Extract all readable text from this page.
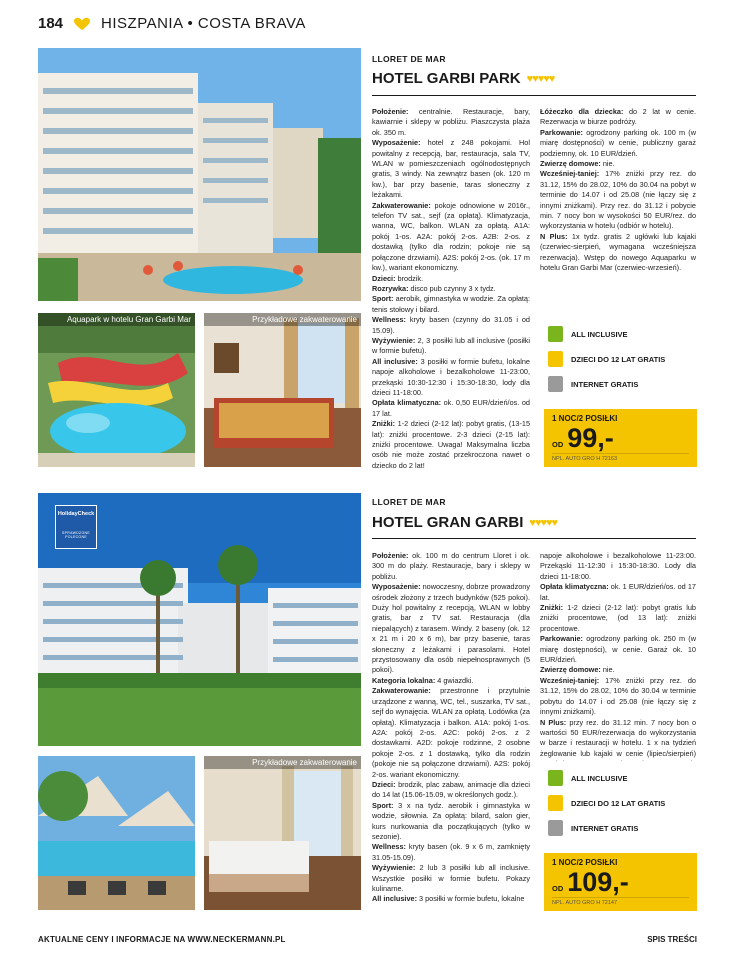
184	HISZPANIA • COSTA BRAVA
Aquapark w hotelu Gran Garbi Mar	Przykładowe zakwaterowanie
LLORET DE MAR
HOTEL GARBI PARK ♥♥♥♥♥

Położenie: centralnie. Restauracje, bary, kawiarnie i sklepy w pobliżu. Piaszczysta plaża ok. 350 m.

Wyposażenie: hotel z 248 pokojami. Hol powitalny z recepcją, bar, restauracja, sala TV, WLAN w pomieszczeniach ogólnodostępnych gratis, 3 windy. Na zewnątrz basen (ok. 120 m kw.), bar przy basenie, taras słoneczny z leżakami.

Zakwaterowanie: pokoje odnowione w 2016r., telefon TV sat., sejf (za opłatą). Klimatyzacja, wanna, WC, balkon. WLAN za opłatą. A1A: pokój 1-os. A2A: pokój 2-os. A2B: 2-os. z dostawką (tylko dla rodzin; pokoje nie są połączone drzwiami). A2S: pokój 2-os. (ok. 17 m kw.), wariant ekonomiczny.

Dzieci: brodzik.

Rozrywka: disco pub czynny 3 x tydz.

Sport: aerobik, gimnastyka w wodzie. Za opłatą: tenis stołowy i bilard.

Wellness: kryty basen (czynny do 31.05 i od 15.09).

Wyżywienie: 2, 3 posiłki lub all inclusive (posiłki w formie bufetu).

All inclusive: 3 posiłki w formie bufetu, lokalne napoje alkoholowe i bezalkoholowe 11-23:00, przekąski 10:30-12:30 i 15:30-18:30, lody dla dzieci 11-18:00.

Opłata klimatyczna: ok. 0,50 EUR/dzień/os. od 17 lat.

Zniżki: 1-2 dzieci (2-12 lat): pobyt gratis, (13-15 lat): zniżki procentowe. 2-3 dzieci (2-15 lat): zniżki procentowe. Uwaga! Maksymalna liczba osób nie może zostać przekroczona nawet o dziecko do 2 lat!

Łóżeczko dla dziecka: do 2 lat w cenie. Rezerwacja w biurze podróży.

Parkowanie: ogrodzony parking ok. 100 m (w miarę dostępności) w cenie, publiczny garaż podziemny, ok. 10 EUR/dzień.

Zwierzę domowe: nie.

Wcześniej-taniej: 17% zniżki przy rez. do 31.12, 15% do 28.02, 10% do 30.04 na pobyt w terminie do 14.07 i od 25.08 (nie łączy się z innymi zniżkami). Przy rez. do 31.12 i pobycie min. 7 nocy bon w wysokości 50 EUR/rez. do wykorzystania w hotelu (odbiór w hotelu).

N Plus: 1x tydz. gratis 2 ugłówki lub kajaki (czerwiec-sierpień, wymagana wcześniejsza rezerwacja). Wstęp do nowego Aquaparku w hotelu Gran Garbi Mar (czerwiec-wrzesień).

ALL INCLUSIVE
DZIECI DO 12 LAT GRATIS
INTERNET GRATIS
1 NOC/2 POSIŁKI
OD 99,-
NPL. AUTO GRO H 72163
HolidayCheck
SPRAWDZONE POLECONE
Przykładowe zakwaterowanie
LLORET DE MAR
HOTEL GRAN GARBI ♥♥♥♥♥

Położenie: ok. 100 m do centrum Lloret i ok. 300 m do plaży. Restauracje, bary i sklepy w pobliżu.

Wyposażenie: nowoczesny, dobrze prowadzony ośrodek złożony z trzech budynków (525 pokoi). Duży hol powitalny z recepcją, WLAN w lobby gratis, bar z TV sat. Restauracja (dla niepalących) z tarasem. Windy. 2 baseny (ok. 12 x 21 m i 20 x 6 m), bar przy basenie, taras słoneczny z leżakami i parasolami. Hotel przystosowany dla osób niepełnosprawnych (5 pokoi).

Kategoria lokalna: 4 gwiazdki.

Zakwaterowanie: przestronne i przytulnie urządzone z wanną, WC, tel., suszarka, TV sat., sejf do wynajęcia. WLAN za opłatą. Lodówka (za opłatą). Klimatyzacja i balkon. A1A: pokój 1-os. A2A: pokój 2-os. A2C: pokój 2-os. z 2 dostawkami. A2D: pokoje rodzinne, 2 osobne pokoje 2-os. z 1 dostawką, tylko dla rodzin (pokoje nie są połączone drzwiami). A2S: pokój 2-os. wariant ekonomiczny.

Dzieci: brodzik, plac zabaw, animacje dla dzieci do 14 lat (15.06-15.09, w określonych godz.).

Sport: 3 x na tydz. aerobik i gimnastyka w wodzie, siłownia. Za opłatą: bilard, salon gier, kurs nurkowania dla początkujących (tylko w sezonie).

Wellness: kryty basen (ok. 9 x 6 m, zamknięty 31.05-15.09).

Wyżywienie: 2 lub 3 posiłki lub all inclusive. Wszystkie posiłki w formie bufetu. Pokazy kulinarne.

All inclusive: 3 posiłki w formie bufetu, lokalne

napoje alkoholowe i bezalkoholowe 11-23:00. Przekąski 11-12:30 i 15:30-18:30. Lody dla dzieci 11-18:00.

Opłata klimatyczna: ok. 1 EUR/dzień/os. od 17 lat.

Zniżki: 1-2 dzieci (2-12 lat): pobyt gratis lub zniżki procentowe, (od 13 lat): zniżki procentowe.

Parkowanie: ogrodzony parking ok. 250 m (w miarę dostępności), w cenie. Garaż ok. 10 EUR/dzień.

Zwierzę domowe: nie.

Wcześniej-taniej: 17% zniżki przy rez. do 31.12, 15% do 28.02, 10% do 30.04 w terminie pobytu do 14.07 i od 25.08 (nie łączy się z innymi zniżkami).

N Plus: przy rez. do 31.12 min. 7 nocy bon o wartości 50 EUR/rezerwacja do wykorzystania w barze i restauracji w hotelu. 1 x na tydzień żeglowanie lub kajaki w cenie (lipiec/sierpień)

ALL INCLUSIVE
DZIECI DO 12 LAT GRATIS
INTERNET GRATIS
1 NOC/2 POSIŁKI
OD 109,-
NPL. AUTO GRO H 72147
AKTUALNE CENY I INFORMACJE NA WWW.NECKERMANN.PL	SPIS TREŚCI
